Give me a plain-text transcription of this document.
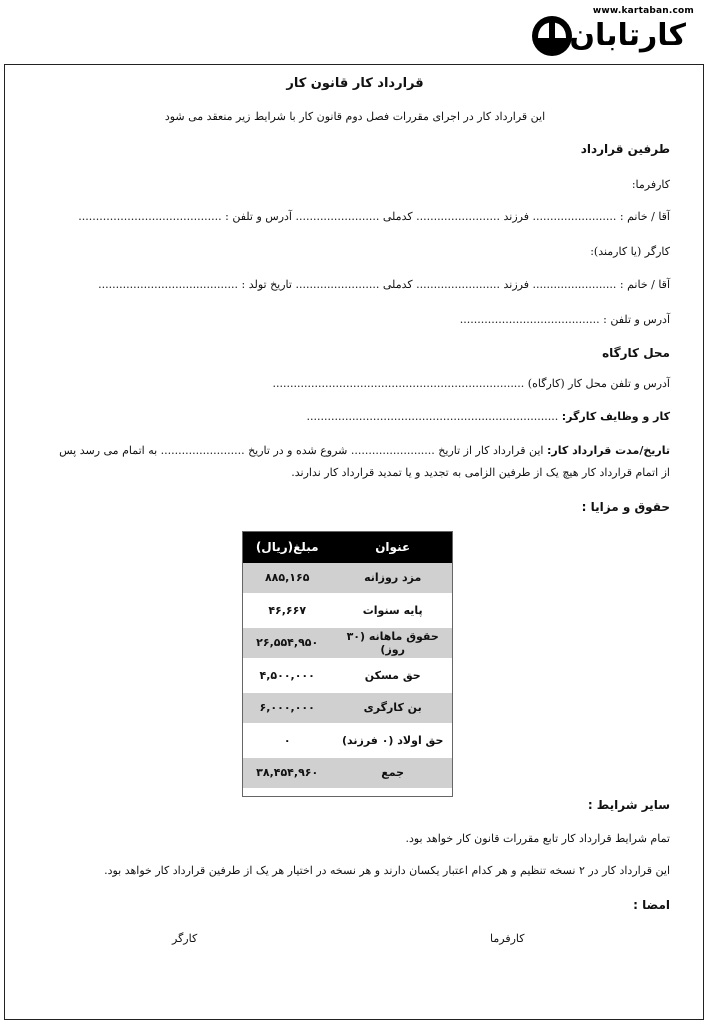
www.kartaban.com
کارتابان
قرارداد کار قانون کار
این قرارداد کار در اجرای مقررات فصل دوم قانون کار با شرایط زیر منعقد می شود
طرفین قرارداد
کارفرما:
آقا / خانم : ........................ فرزند ........................ کدملی ........................ آدرس و تلفن : .........................................
کارگر (یا کارمند):
آقا / خانم : ........................ فرزند ........................ کدملی ........................ تاریخ تولد : ........................................
آدرس و تلفن : ........................................
محل کارگاه
آدرس و تلفن محل کار (کارگاه) ........................................................................
کار و وظایف کارگر: ........................................................................
تاریخ/مدت قرارداد کار: این قرارداد کار از تاریخ ........................ شروع شده و در تاریخ ........................ به اتمام می رسد پس
از اتمام قرارداد کار هیچ یک از طرفین الزامی به تجدید و یا تمدید قرارداد کار ندارند.
حقوق و مزایا :
عنوان	مبلغ(ریال)
مزد روزانه	۸۸۵,۱۶۵
پایه سنوات	۴۶,۶۶۷
حقوق ماهانه (۳۰ روز)	۲۶,۵۵۴,۹۵۰
حق مسکن	۴,۵۰۰,۰۰۰
بن کارگری	۶,۰۰۰,۰۰۰
حق اولاد (۰ فرزند)	۰
جمع	۳۸,۴۵۴,۹۶۰
سایر شرایط :
تمام شرایط قرارداد کار تابع مقررات قانون کار خواهد بود.
این قرارداد کار در ۲ نسخه تنظیم و هر کدام اعتبار یکسان دارند و هر نسخه در اختیار هر یک از طرفین قرارداد کار خواهد بود.
امضا :
کارفرما
کارگر
